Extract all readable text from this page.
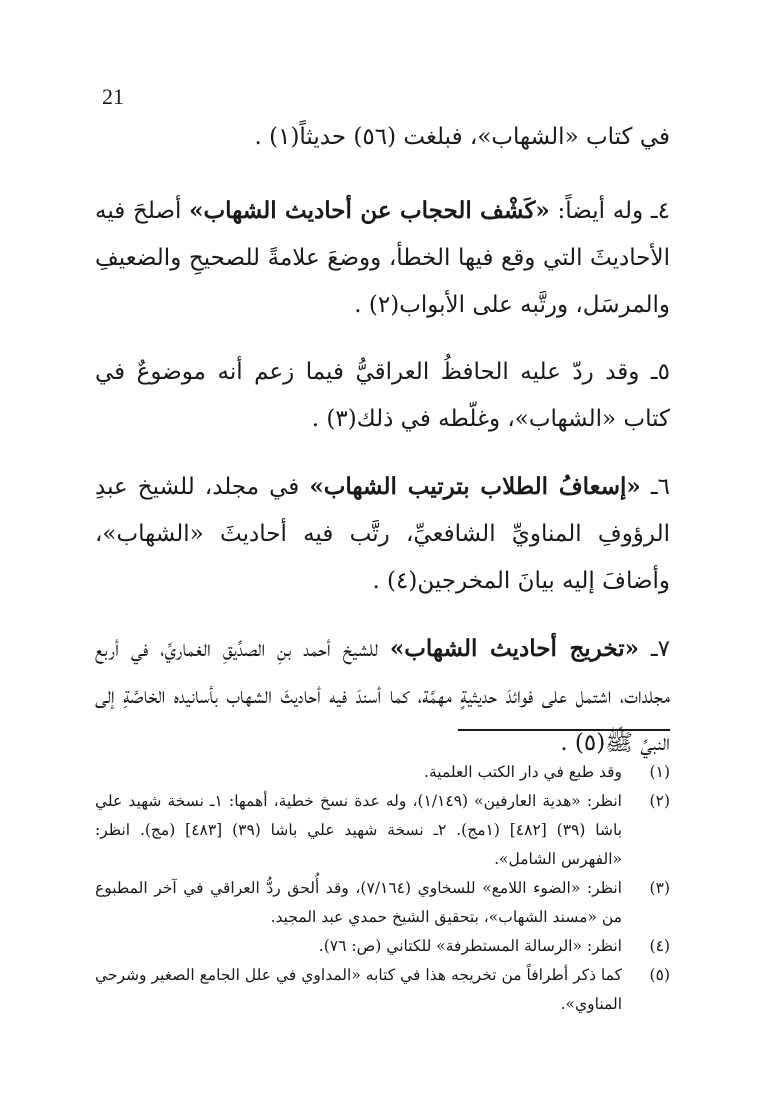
21

في كتاب «الشهاب»، فبلغت (٥٦) حديثاً(١) .

٤ـ وله أيضاً: «كَشْف الحجاب عن أحاديث الشهاب» أصلحَ فيه الأحاديثَ التي وقع فيها الخطأ، ووضعَ علامةً للصحيحِ والضعيفِ والمرسَل، ورتَّبه على الأبواب(٢) .

٥ـ وقد ردّ عليه الحافظُ العراقيُّ فيما زعم أنه موضوعٌ في كتاب «الشهاب»، وغلّطه في ذلك(٣) .

٦ـ «إسعافُ الطلاب بترتيب الشهاب» في مجلد، للشيخ عبدِ الرؤوفِ المناويِّ الشافعيِّ، رتَّب فيه أحاديثَ «الشهاب»، وأضافَ إليه بيانَ المخرجين(٤) .

٧ـ «تخريج أحاديث الشهاب» للشيخ أحمد بنِ الصدِّيقِ الغماريِّ، في أربع مجلدات، اشتمل على فوائدَ حديثيةٍ مهمَّة، كما أسندَ فيه أحاديثَ الشهاب بأسانيده الخاصَّةِ إلى النبيِّ ﷺ(٥) .

(١)
وقد طبع في دار الكتب العلمية.
(٢)
انظر: «هدية العارفين» (١/١٤٩)، وله عدة نسخ خطية، أهمها: ١ـ نسخة شهيد علي باشا (٣٩) [٤٨٢] (١مج). ٢ـ نسخة شهيد علي باشا (٣٩) [٤٨٣] (مج). انظر: «الفهرس الشامل».
(٣)
انظر: «الضوء اللامع» للسخاوي (٧/١٦٤)، وقد أُلحق ردُّ العراقي في آخر المطبوع من «مسند الشهاب»، بتحقيق الشيخ حمدي عبد المجيد.
(٤)
انظر: «الرسالة المستطرفة» للكتاني (ص: ٧٦).
(٥)
كما ذكر أطرافاً من تخريجه هذا في كتابه «المداوي في علل الجامع الصغير وشرحي المناوي».
